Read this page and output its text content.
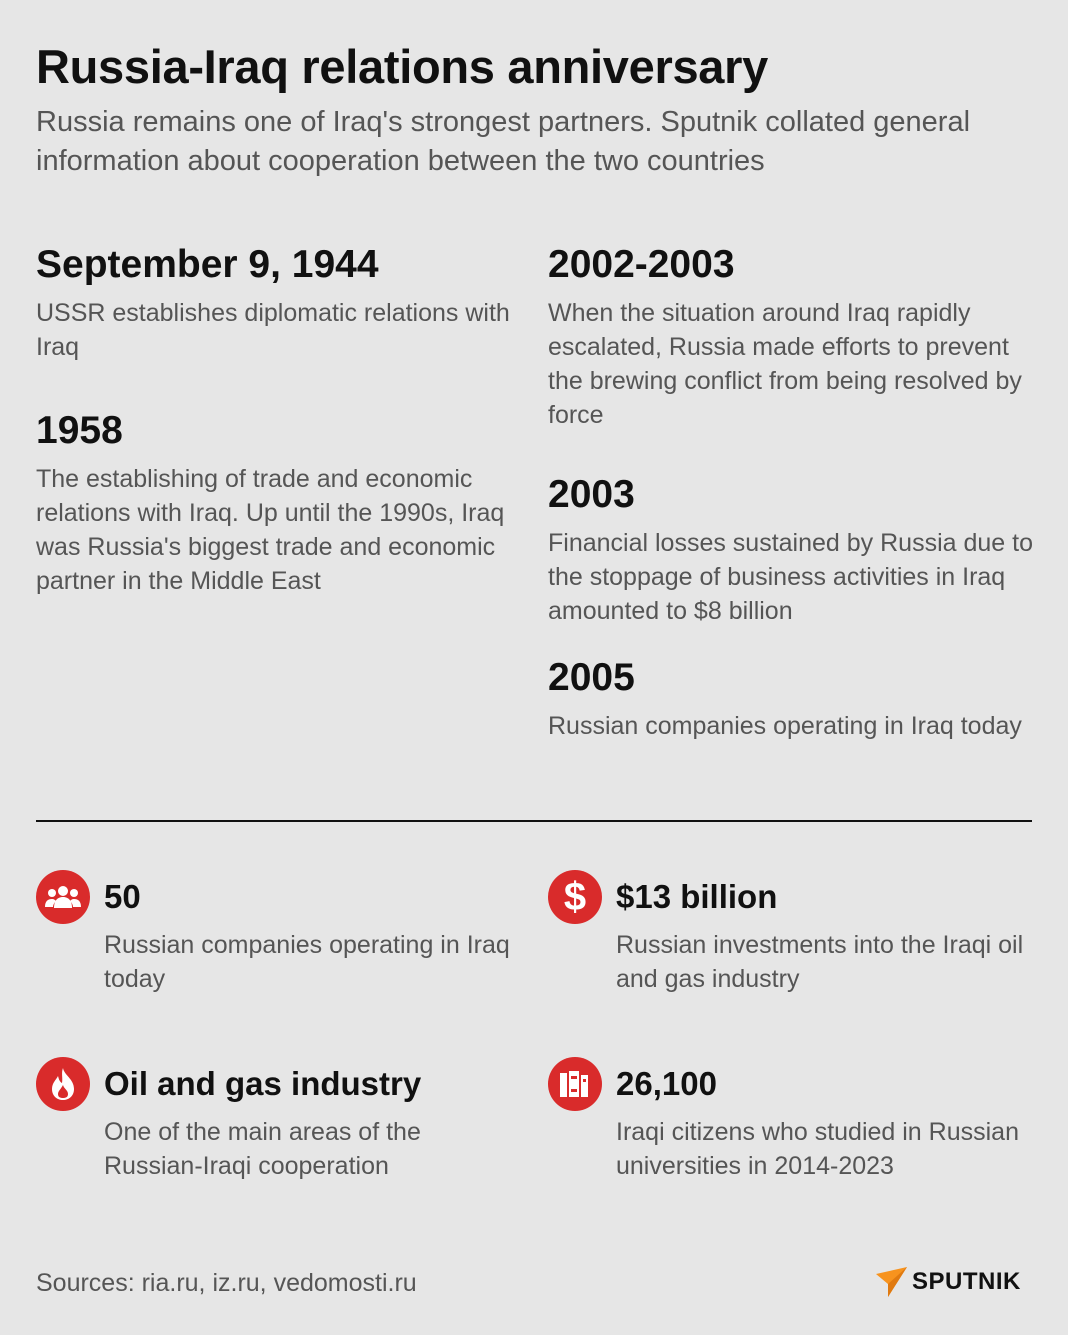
Russia-Iraq relations anniversary
Russia remains one of Iraq's strongest partners. Sputnik collated general information about cooperation between the two countries
September 9, 1944
USSR establishes diplomatic relations with Iraq
1958
The establishing of trade and economic relations with Iraq. Up until the 1990s, Iraq was Russia's biggest trade and economic partner in the Middle East
2002-2003
When the situation around Iraq rapidly escalated, Russia made efforts to prevent the brewing conflict from being resolved by force
2003
Financial losses sustained by Russia due to the stoppage of business activities in Iraq amounted to $8 billion
2005
Russian companies operating in Iraq today
50
Russian companies operating in Iraq today
$ $13 billion
Russian investments into the Iraqi oil and gas industry
Oil and gas industry
One of the main areas of the Russian-Iraqi cooperation
26,100
Iraqi citizens who studied in Russian universities in 2014-2023
Sources: ria.ru, iz.ru, vedomosti.ru	SPUTNIK
